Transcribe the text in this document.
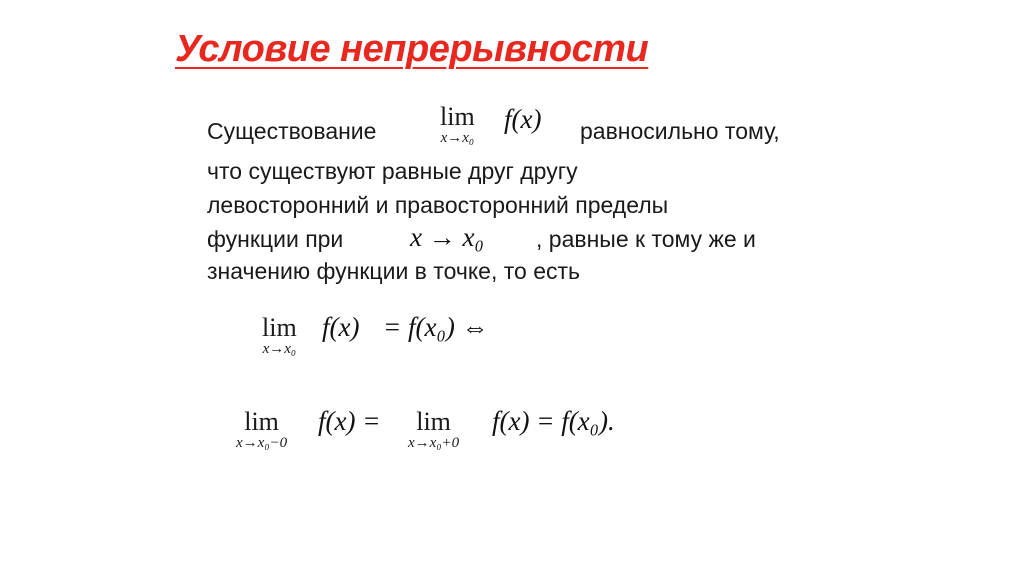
Условие непрерывности
Существование lim
x→x₀
f(x) равносильно тому,
что существуют равные друг другу
левосторонний и правосторонний пределы
функции при x → x₀ , равные к тому же и
значению функции в точке, то есть
lim
x→x₀
f(x) = f(x₀) ⇔
lim
x→x₀−0
f(x) =	lim
x→x₀+0
f(x) = f(x₀).
